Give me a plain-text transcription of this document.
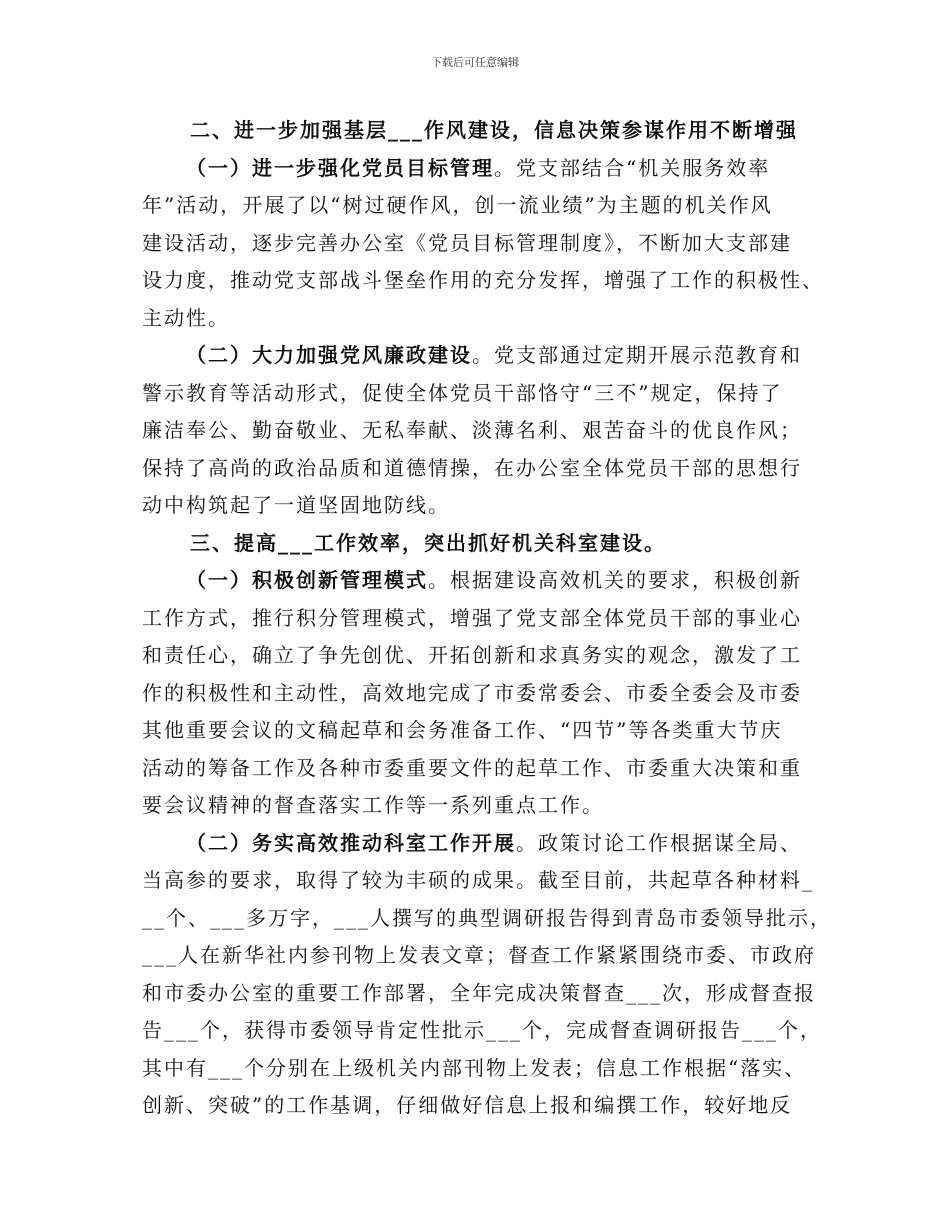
下载后可任意编辑
二、进一步加强基层___作风建设，信息决策参谋作用不断增强
（一）进一步强化党员目标管理。党支部结合“机关服务效率
年”活动，开展了以“树过硬作风，创一流业绩”为主题的机关作风
建设活动，逐步完善办公室《党员目标管理制度》，不断加大支部建
设力度，推动党支部战斗堡垒作用的充分发挥，增强了工作的积极性、
主动性。
（二）大力加强党风廉政建设。党支部通过定期开展示范教育和
警示教育等活动形式，促使全体党员干部恪守“三不”规定，保持了
廉洁奉公、勤奋敬业、无私奉献、淡薄名利、艰苦奋斗的优良作风；
保持了高尚的政治品质和道德情操，在办公室全体党员干部的思想行
动中构筑起了一道坚固地防线。
三、提高___工作效率，突出抓好机关科室建设。
（一）积极创新管理模式。根据建设高效机关的要求，积极创新
工作方式，推行积分管理模式，增强了党支部全体党员干部的事业心
和责任心，确立了争先创优、开拓创新和求真务实的观念，激发了工
作的积极性和主动性，高效地完成了市委常委会、市委全委会及市委
其他重要会议的文稿起草和会务准备工作、“四节”等各类重大节庆
活动的筹备工作及各种市委重要文件的起草工作、市委重大决策和重
要会议精神的督查落实工作等一系列重点工作。
（二）务实高效推动科室工作开展。政策讨论工作根据谋全局、
当高参的要求，取得了较为丰硕的成果。截至目前，共起草各种材料_
__个、___多万字，___人撰写的典型调研报告得到青岛市委领导批示，
___人在新华社内参刊物上发表文章；督查工作紧紧围绕市委、市政府
和市委办公室的重要工作部署，全年完成决策督查___次，形成督查报
告___个，获得市委领导肯定性批示___个，完成督查调研报告___个，
其中有___个分别在上级机关内部刊物上发表；信息工作根据“落实、
创新、突破”的工作基调，仔细做好信息上报和编撰工作，较好地反
